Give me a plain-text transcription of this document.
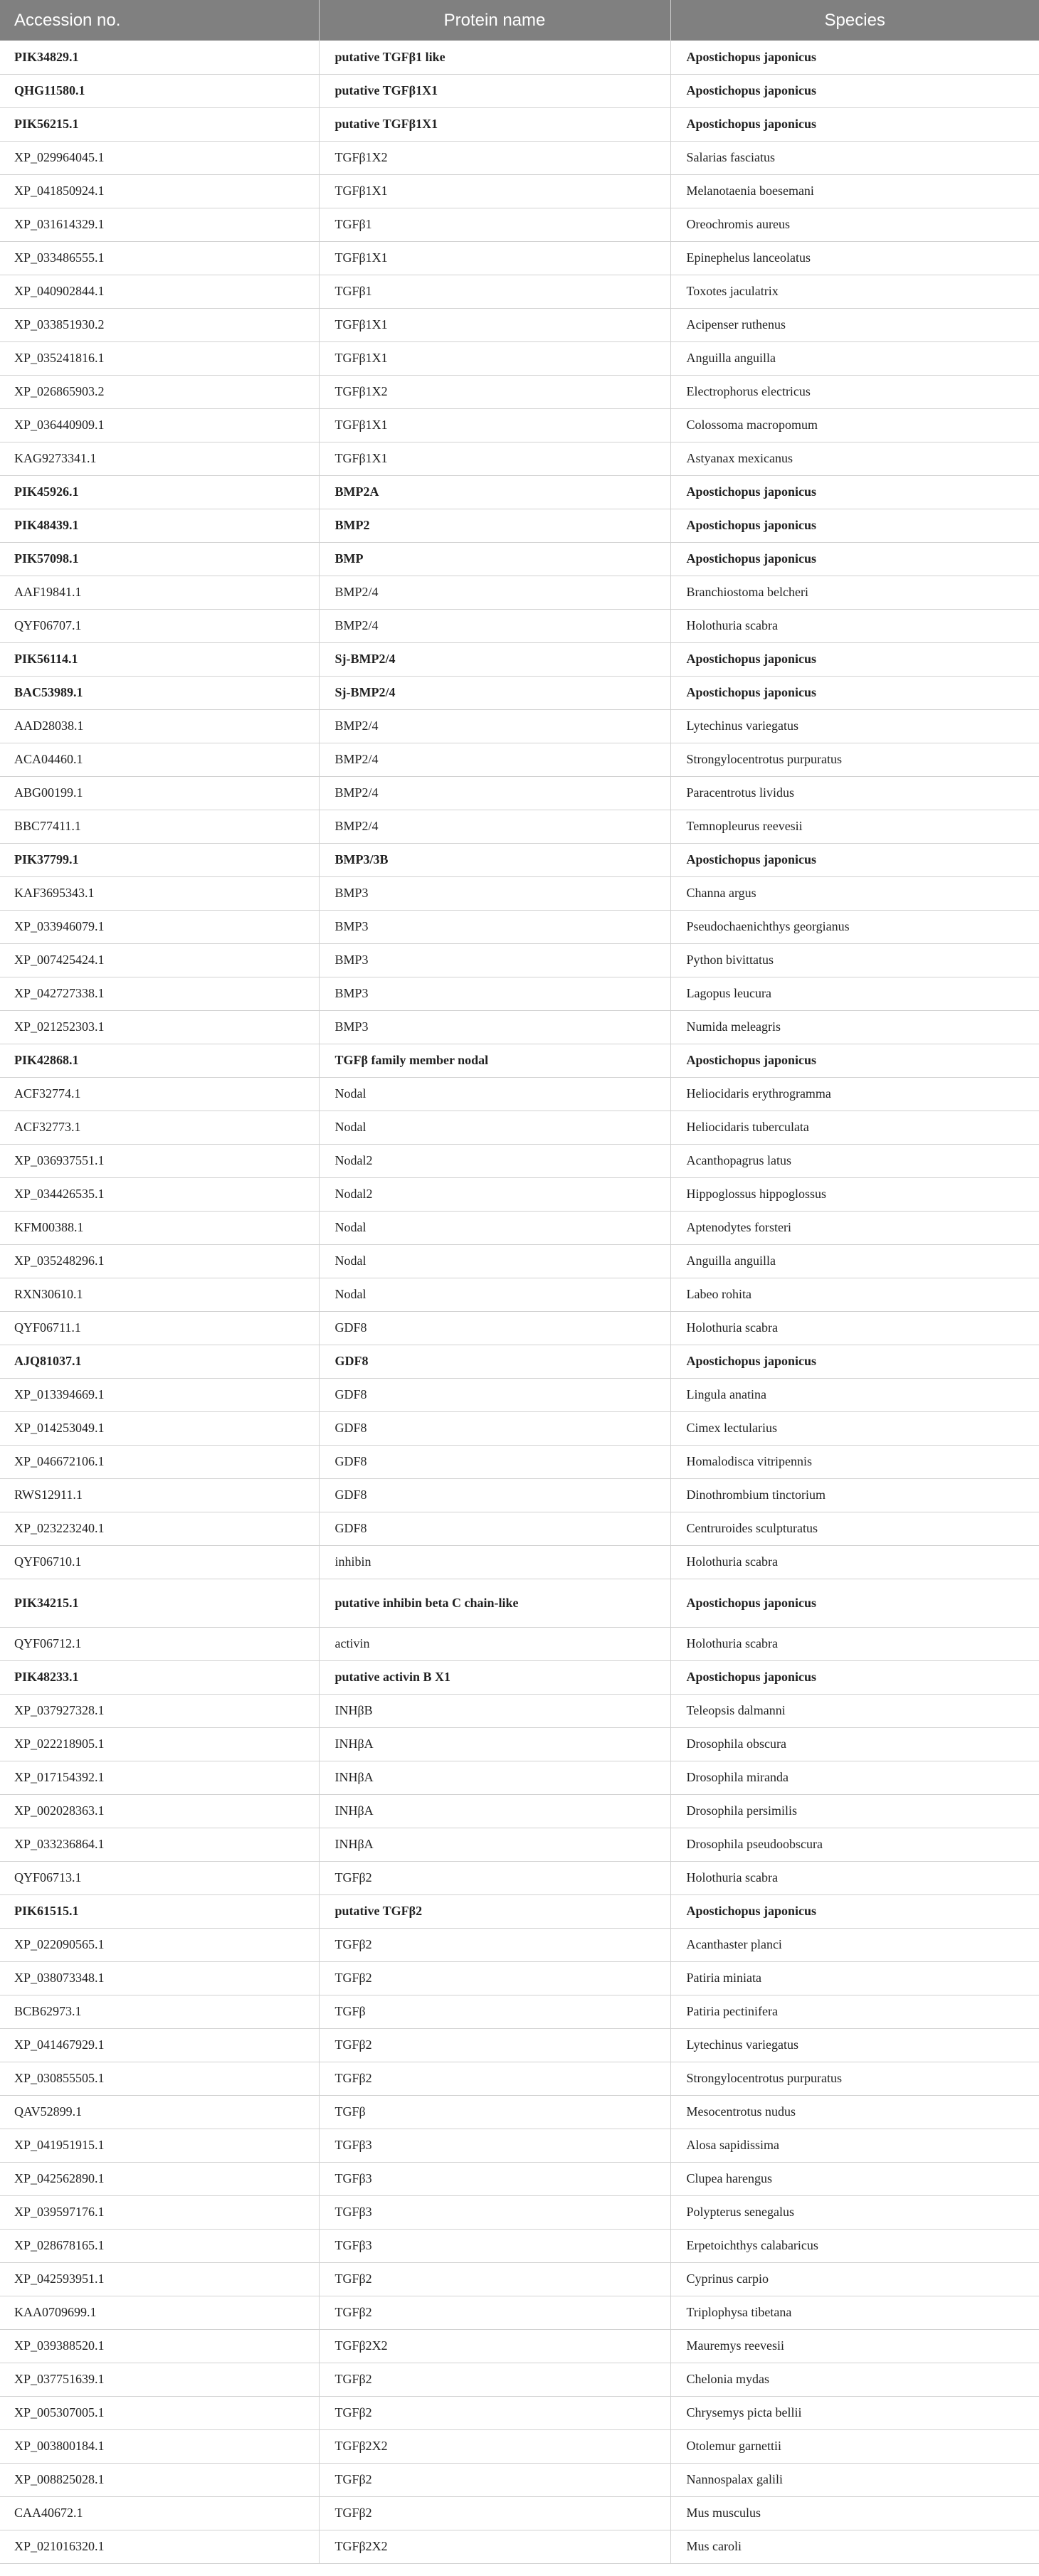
Accession no.	Protein name	Species
PIK34829.1	putative TGFβ1 like	Apostichopus japonicus
QHG11580.1	putative TGFβ1X1	Apostichopus japonicus
PIK56215.1	putative TGFβ1X1	Apostichopus japonicus
XP_029964045.1	TGFβ1X2	Salarias fasciatus
XP_041850924.1	TGFβ1X1	Melanotaenia boesemani
XP_031614329.1	TGFβ1	Oreochromis aureus
XP_033486555.1	TGFβ1X1	Epinephelus lanceolatus
XP_040902844.1	TGFβ1	Toxotes jaculatrix
XP_033851930.2	TGFβ1X1	Acipenser ruthenus
XP_035241816.1	TGFβ1X1	Anguilla anguilla
XP_026865903.2	TGFβ1X2	Electrophorus electricus
XP_036440909.1	TGFβ1X1	Colossoma macropomum
KAG9273341.1	TGFβ1X1	Astyanax mexicanus
PIK45926.1	BMP2A	Apostichopus japonicus
PIK48439.1	BMP2	Apostichopus japonicus
PIK57098.1	BMP	Apostichopus japonicus
AAF19841.1	BMP2/4	Branchiostoma belcheri
QYF06707.1	BMP2/4	Holothuria scabra
PIK56114.1	Sj-BMP2/4	Apostichopus japonicus
BAC53989.1	Sj-BMP2/4	Apostichopus japonicus
AAD28038.1	BMP2/4	Lytechinus variegatus
ACA04460.1	BMP2/4	Strongylocentrotus purpuratus
ABG00199.1	BMP2/4	Paracentrotus lividus
BBC77411.1	BMP2/4	Temnopleurus reevesii
PIK37799.1	BMP3/3B	Apostichopus japonicus
KAF3695343.1	BMP3	Channa argus
XP_033946079.1	BMP3	Pseudochaenichthys georgianus
XP_007425424.1	BMP3	Python bivittatus
XP_042727338.1	BMP3	Lagopus leucura
XP_021252303.1	BMP3	Numida meleagris
PIK42868.1	TGFβ family member nodal	Apostichopus japonicus
ACF32774.1	Nodal	Heliocidaris erythrogramma
ACF32773.1	Nodal	Heliocidaris tuberculata
XP_036937551.1	Nodal2	Acanthopagrus latus
XP_034426535.1	Nodal2	Hippoglossus hippoglossus
KFM00388.1	Nodal	Aptenodytes forsteri
XP_035248296.1	Nodal	Anguilla anguilla
RXN30610.1	Nodal	Labeo rohita
QYF06711.1	GDF8	Holothuria scabra
AJQ81037.1	GDF8	Apostichopus japonicus
XP_013394669.1	GDF8	Lingula anatina
XP_014253049.1	GDF8	Cimex lectularius
XP_046672106.1	GDF8	Homalodisca vitripennis
RWS12911.1	GDF8	Dinothrombium tinctorium
XP_023223240.1	GDF8	Centruroides sculpturatus
QYF06710.1	inhibin	Holothuria scabra
PIK34215.1	putative inhibin beta C chain-like	Apostichopus japonicus
QYF06712.1	activin	Holothuria scabra
PIK48233.1	putative activin B X1	Apostichopus japonicus
XP_037927328.1	INHβB	Teleopsis dalmanni
XP_022218905.1	INHβA	Drosophila obscura
XP_017154392.1	INHβA	Drosophila miranda
XP_002028363.1	INHβA	Drosophila persimilis
XP_033236864.1	INHβA	Drosophila pseudoobscura
QYF06713.1	TGFβ2	Holothuria scabra
PIK61515.1	putative TGFβ2	Apostichopus japonicus
XP_022090565.1	TGFβ2	Acanthaster planci
XP_038073348.1	TGFβ2	Patiria miniata
BCB62973.1	TGFβ	Patiria pectinifera
XP_041467929.1	TGFβ2	Lytechinus variegatus
XP_030855505.1	TGFβ2	Strongylocentrotus purpuratus
QAV52899.1	TGFβ	Mesocentrotus nudus
XP_041951915.1	TGFβ3	Alosa sapidissima
XP_042562890.1	TGFβ3	Clupea harengus
XP_039597176.1	TGFβ3	Polypterus senegalus
XP_028678165.1	TGFβ3	Erpetoichthys calabaricus
XP_042593951.1	TGFβ2	Cyprinus carpio
KAA0709699.1	TGFβ2	Triplophysa tibetana
XP_039388520.1	TGFβ2X2	Mauremys reevesii
XP_037751639.1	TGFβ2	Chelonia mydas
XP_005307005.1	TGFβ2	Chrysemys picta bellii
XP_003800184.1	TGFβ2X2	Otolemur garnettii
XP_008825028.1	TGFβ2	Nannospalax galili
CAA40672.1	TGFβ2	Mus musculus
XP_021016320.1	TGFβ2X2	Mus caroli
